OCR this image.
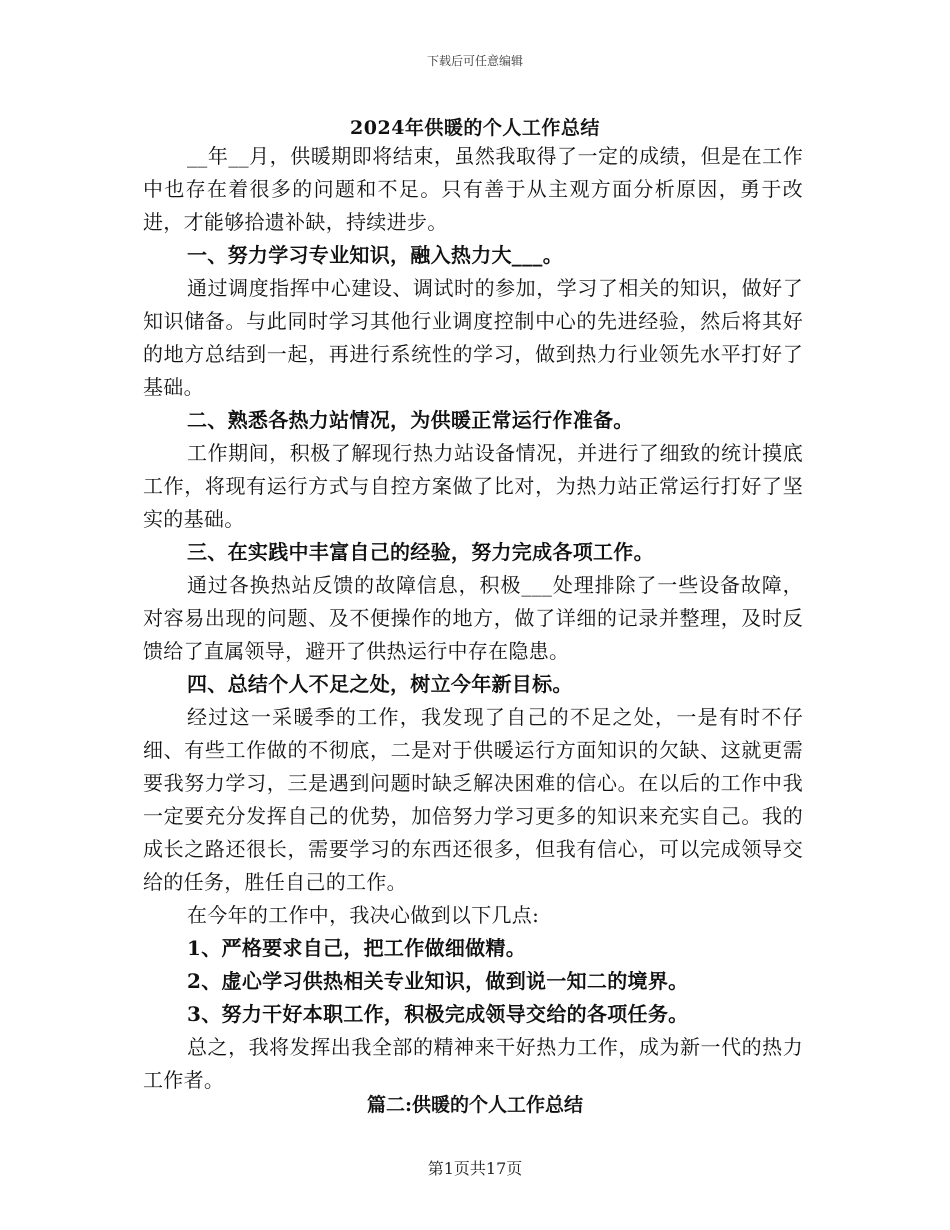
下载后可任意编辑
2024年供暖的个人工作总结

__年__月，供暖期即将结束，虽然我取得了一定的成绩，但是在工作中也存在着很多的问题和不足。只有善于从主观方面分析原因，勇于改进，才能够拾遗补缺，持续进步。

一、努力学习专业知识，融入热力大___。

通过调度指挥中心建设、调试时的参加，学习了相关的知识，做好了知识储备。与此同时学习其他行业调度控制中心的先进经验，然后将其好的地方总结到一起，再进行系统性的学习，做到热力行业领先水平打好了基础。

二、熟悉各热力站情况，为供暖正常运行作准备。

工作期间，积极了解现行热力站设备情况，并进行了细致的统计摸底工作，将现有运行方式与自控方案做了比对，为热力站正常运行打好了坚实的基础。

三、在实践中丰富自己的经验，努力完成各项工作。

通过各换热站反馈的故障信息，积极___处理排除了一些设备故障，对容易出现的问题、及不便操作的地方，做了详细的记录并整理，及时反馈给了直属领导，避开了供热运行中存在隐患。

四、总结个人不足之处，树立今年新目标。

经过这一采暖季的工作，我发现了自己的不足之处，一是有时不仔细、有些工作做的不彻底，二是对于供暖运行方面知识的欠缺、这就更需要我努力学习，三是遇到问题时缺乏解决困难的信心。在以后的工作中我一定要充分发挥自己的优势，加倍努力学习更多的知识来充实自己。我的成长之路还很长，需要学习的东西还很多，但我有信心，可以完成领导交给的任务，胜任自己的工作。

在今年的工作中，我决心做到以下几点:

1、严格要求自己，把工作做细做精。

2、虚心学习供热相关专业知识，做到说一知二的境界。

3、努力干好本职工作，积极完成领导交给的各项任务。

总之，我将发挥出我全部的精神来干好热力工作，成为新一代的热力工作者。

篇二:供暖的个人工作总结
第1页共17页
